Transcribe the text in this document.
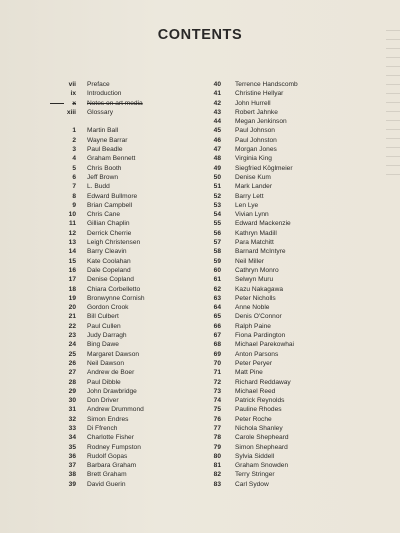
CONTENTS
vii Preface
ix Introduction
x Notes on art media
xiii Glossary
1 Martin Ball
2 Wayne Barrar
3 Paul Beadle
4 Graham Bennett
5 Chris Booth
6 Jeff Brown
7 L. Budd
8 Edward Bullmore
9 Brian Campbell
10 Chris Cane
11 Gillian Chaplin
12 Derrick Cherrie
13 Leigh Christensen
14 Barry Cleavin
15 Kate Coolahan
16 Dale Copeland
17 Denise Copland
18 Chiara Corbelletto
19 Bronwynne Cornish
20 Gordon Crook
21 Bill Culbert
22 Paul Cullen
23 Judy Darragh
24 Bing Dawe
25 Margaret Dawson
26 Neil Dawson
27 Andrew de Boer
28 Paul Dibble
29 John Drawbridge
30 Don Driver
31 Andrew Drummond
32 Simon Endres
33 Di Ffrench
34 Charlotte Fisher
35 Rodney Fumpston
36 Rudolf Gopas
37 Barbara Graham
38 Brett Graham
39 David Guerin
40 Terrence Handscomb
41 Christine Hellyar
42 John Hurrell
43 Robert Jahnke
44 Megan Jenkinson
45 Paul Johnson
46 Paul Johnston
47 Morgan Jones
48 Virginia King
49 Siegfried Köglmeier
50 Denise Kum
51 Mark Lander
52 Barry Lett
53 Len Lye
54 Vivian Lynn
55 Edward Mackenzie
56 Kathryn Madill
57 Para Matchitt
58 Barnard McIntyre
59 Neil Miller
60 Cathryn Monro
61 Selwyn Muru
62 Kazu Nakagawa
63 Peter Nicholls
64 Anne Noble
65 Denis O'Connor
66 Ralph Paine
67 Fiona Pardington
68 Michael Parekowhai
69 Anton Parsons
70 Peter Peryer
71 Matt Pine
72 Richard Reddaway
73 Michael Reed
74 Patrick Reynolds
75 Pauline Rhodes
76 Peter Roche
77 Nichola Shanley
78 Carole Shepheard
79 Simon Shepheard
80 Sylvia Siddell
81 Graham Snowden
82 Terry Stringer
83 Carl Sydow
